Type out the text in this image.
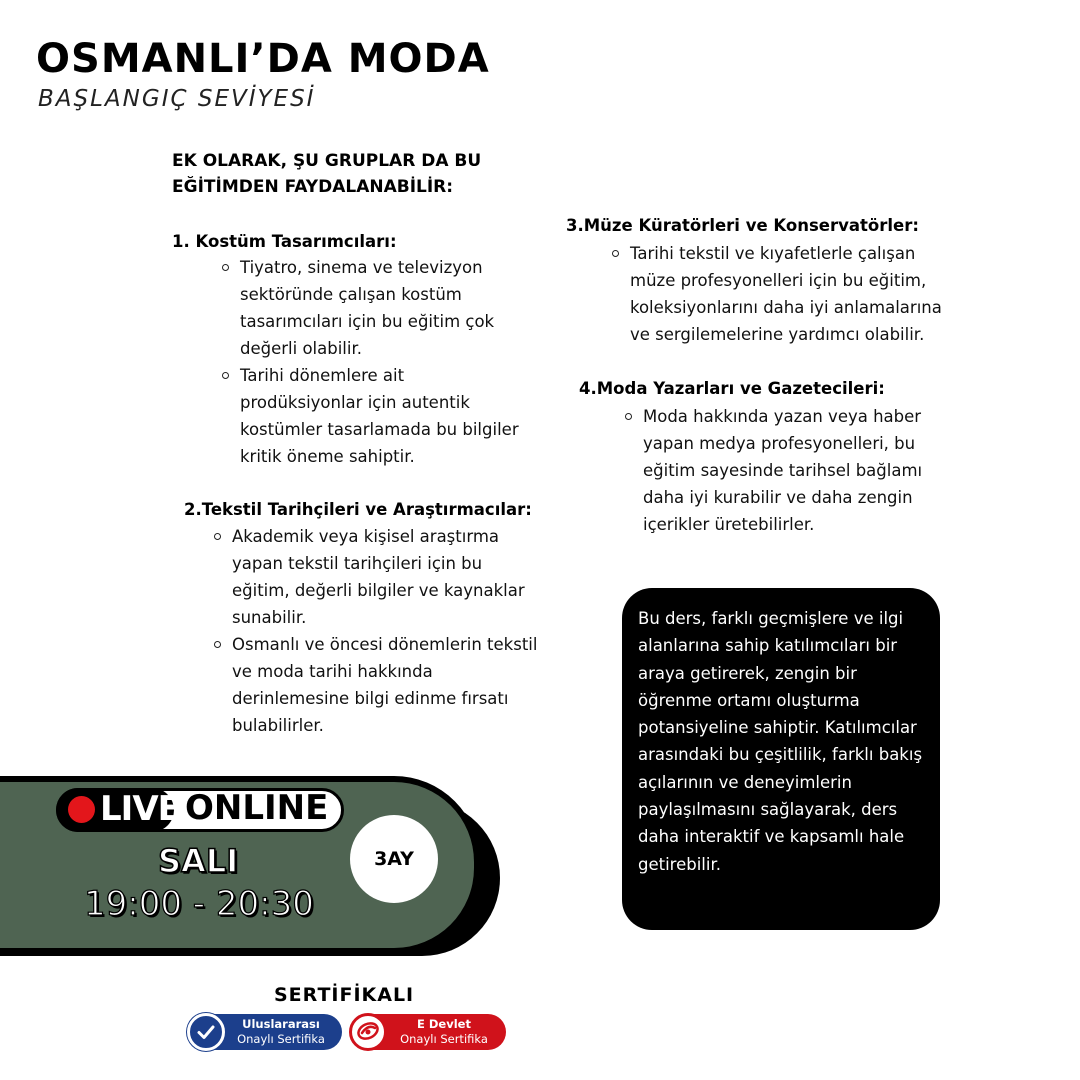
OSMANLI’DA MODA
BAŞLANGIÇ SEVİYESİ
EK OLARAK, ŞU GRUPLAR DA BU EĞİTİMDEN FAYDALANABİLİR:
1. Kostüm Tasarımcıları:
Tiyatro, sinema ve televizyon sektöründe çalışan kostüm tasarımcıları için bu eğitim çok değerli olabilir.
Tarihi dönemlere ait prodüksiyonlar için autentik kostümler tasarlamada bu bilgiler kritik öneme sahiptir.
2.Tekstil Tarihçileri ve Araştırmacılar:
Akademik veya kişisel araştırma yapan tekstil tarihçileri için bu eğitim, değerli bilgiler ve kaynaklar sunabilir.
Osmanlı ve öncesi dönemlerin tekstil ve moda tarihi hakkında derinlemesine bilgi edinme fırsatı bulabilirler.
3.Müze Küratörleri ve Konservatörler:
Tarihi tekstil ve kıyafetlerle çalışan müze profesyonelleri için bu eğitim, koleksiyonlarını daha iyi anlamalarına ve sergilemelerine yardımcı olabilir.
4.Moda Yazarları ve Gazetecileri:
Moda hakkında yazan veya haber yapan medya profesyonelleri, bu eğitim sayesinde tarihsel bağlamı daha iyi kurabilir ve daha zengin içerikler üretebilirler.
Bu ders, farklı geçmişlere ve ilgi alanlarına sahip katılımcıları bir araya getirerek, zengin bir öğrenme ortamı oluşturma potansiyeline sahiptir. Katılımcılar arasındaki bu çeşitlilik, farklı bakış açılarının ve deneyimlerin paylaşılmasını sağlayarak, ders daha interaktif ve kapsamlı hale getirebilir.
LIVE ONLINE
SALI
19:00 - 20:30
3AY
SERTİFİKALI
Uluslararası
Onaylı Sertifika
E Devlet
Onaylı Sertifika
